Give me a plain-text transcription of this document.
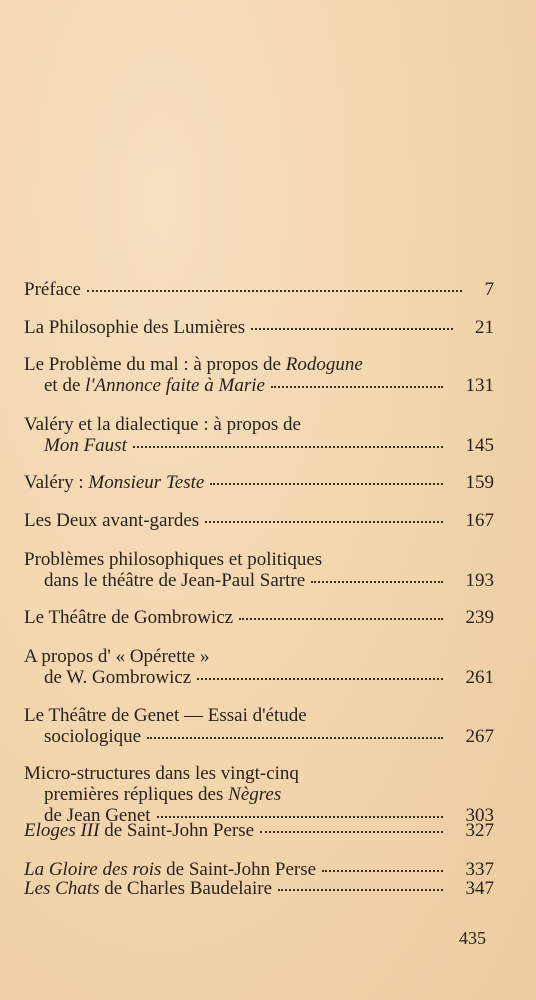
Préface	7
La Philosophie des Lumières	21
Le Problème du mal : à propos de Rodogune
et de l'Annonce faite à Marie	131
Valéry et la dialectique : à propos de
Mon Faust	145
Valéry : Monsieur Teste	159
Les Deux avant-gardes	167
Problèmes philosophiques et politiques
dans le théâtre de Jean-Paul Sartre	193
Le Théâtre de Gombrowicz	239
A propos d' « Opérette »
de W. Gombrowicz	261
Le Théâtre de Genet — Essai d'étude
sociologique	267
Micro-structures dans les vingt-cinq
premières répliques des Nègres
de Jean Genet	303
Eloges III de Saint-John Perse	327
La Gloire des rois de Saint-John Perse	337
Les Chats de Charles Baudelaire	347
435
